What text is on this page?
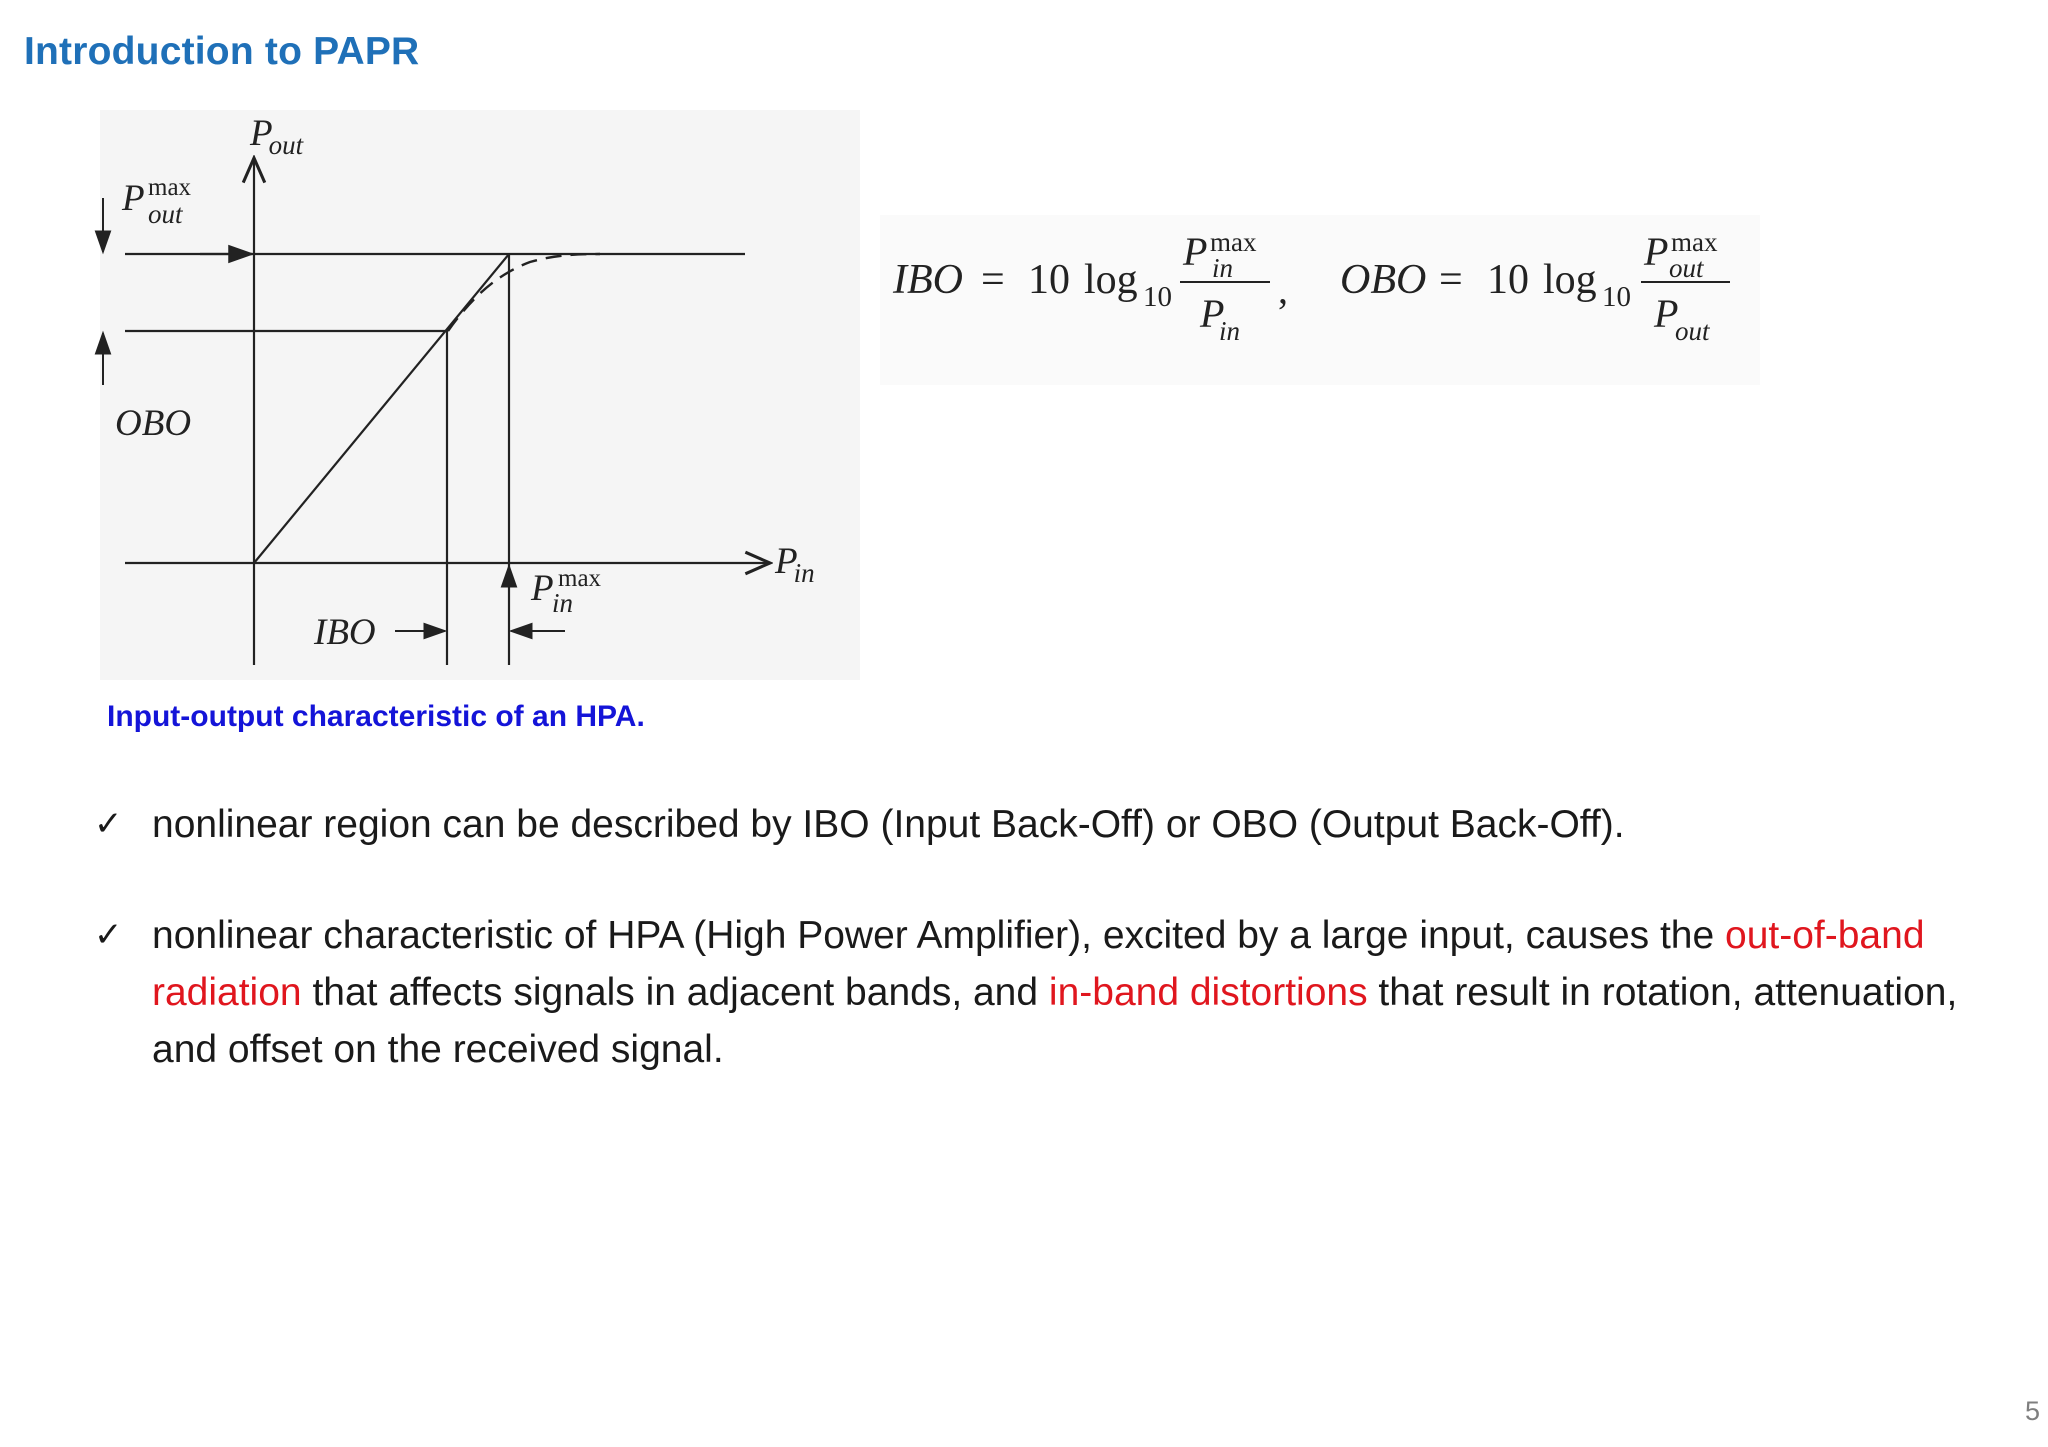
Introduction to PAPR
Pout
Pin
P max
out
OBO
IBO
P max
in
IBO = 10 log 10
P max
in
P
in
, OBO = 10 log 10
P max
out
P
out
Input-output characteristic of an HPA.
✓ nonlinear region can be described by IBO (Input Back-Off) or OBO (Output Back-Off).
✓ nonlinear characteristic of HPA (High Power Amplifier), excited by a large input, causes the out-of-band radiation that affects signals in adjacent bands, and in-band distortions that result in rotation, attenuation, and offset on the received signal.
5
